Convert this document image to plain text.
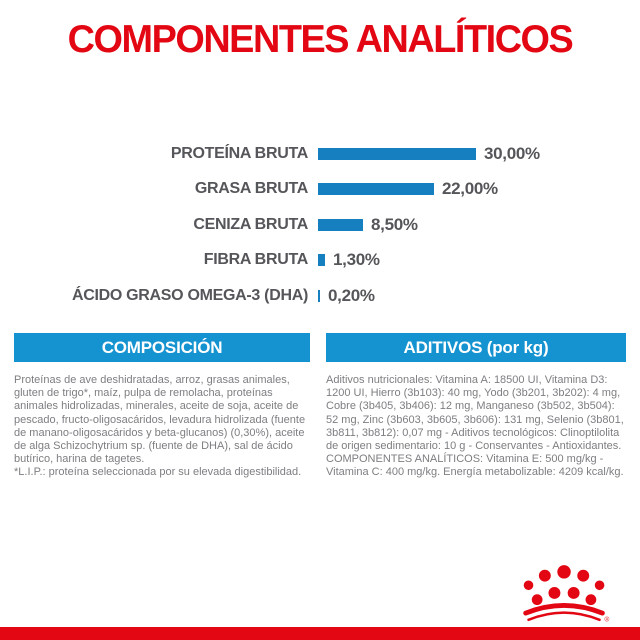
COMPONENTES ANALÍTICOS
PROTEÍNA BRUTA	30,00%
GRASA BRUTA	22,00%
CENIZA BRUTA	8,50%
FIBRA BRUTA	1,30%
ÁCIDO GRASO OMEGA-3 (DHA)	0,20%
COMPOSICIÓN

Proteínas de ave deshidratadas, arroz, grasas animales, gluten de trigo*, maíz, pulpa de remolacha, proteínas animales hidrolizadas, minerales, aceite de soja, aceite de pescado, fructo-oligosacáridos, levadura hidrolizada (fuente de manano-oligosacáridos y beta-glucanos) (0,30%), aceite de alga Schizochytrium sp. (fuente de DHA), sal de ácido butírico, harina de tagetes.

*L.I.P.: proteína seleccionada por su elevada digestibilidad.

ADITIVOS (por kg)

Aditivos nutricionales: Vitamina A: 18500 UI, Vitamina D3: 1200 UI, Hierro (3b103): 40 mg, Yodo (3b201, 3b202): 4 mg, Cobre (3b405, 3b406): 12 mg, Manganeso (3b502, 3b504): 52 mg, Zinc (3b603, 3b605, 3b606): 131 mg, Selenio (3b801, 3b811, 3b812): 0,07 mg - Aditivos tecnológicos: Clinoptilolita de origen sedimentario: 10 g - Conservantes - Antioxidantes. COMPONENTES ANALÍTICOS: Vitamina E: 500 mg/kg - Vitamina C: 400 mg/kg. Energía metabolizable: 4209 kcal/kg.

®
